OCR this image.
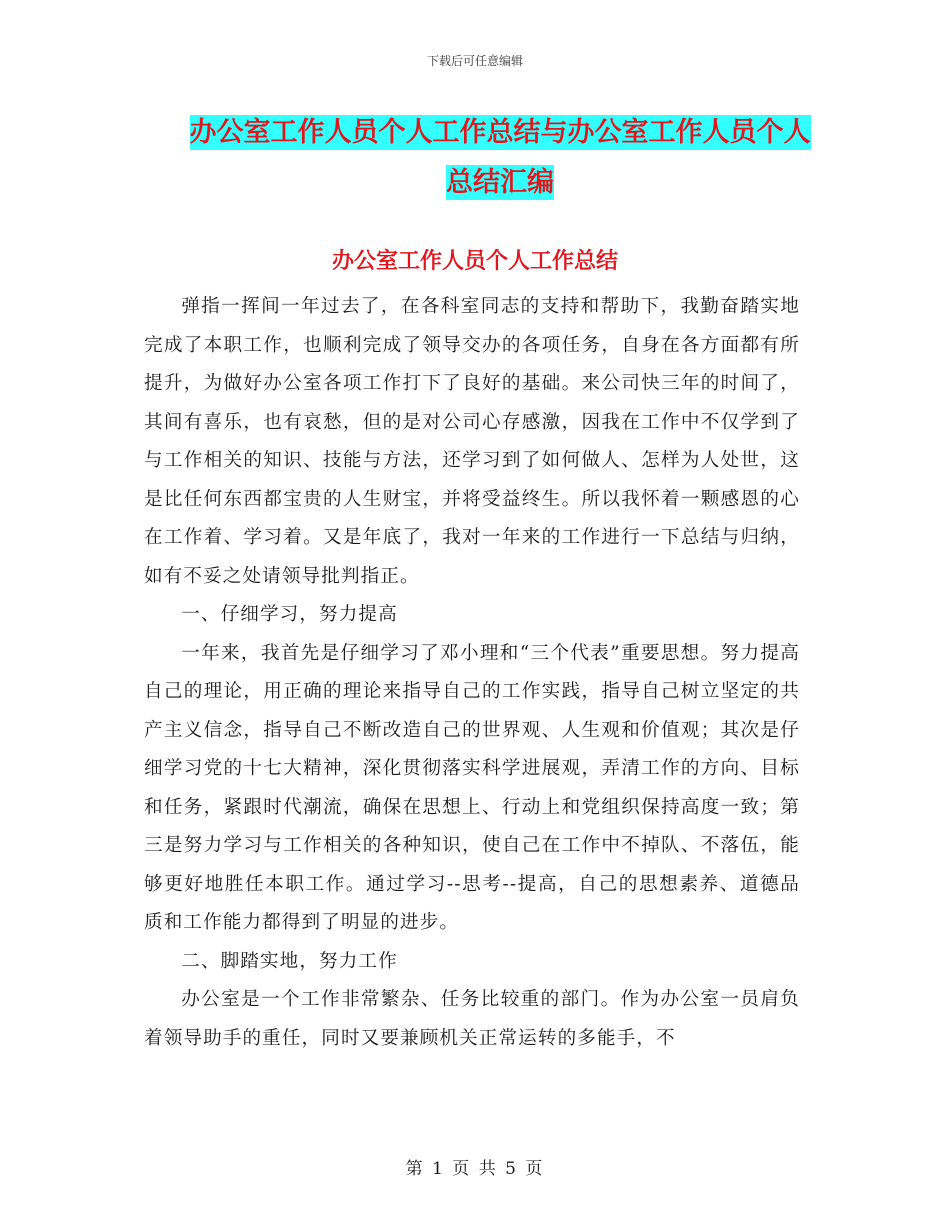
下载后可任意编辑
办公室工作人员个人工作总结与办公室工作人员个人
总结汇编
办公室工作人员个人工作总结

弹指一挥间一年过去了，在各科室同志的支持和帮助下，我勤奋踏实地完成了本职工作，也顺利完成了领导交办的各项任务，自身在各方面都有所提升，为做好办公室各项工作打下了良好的基础。来公司快三年的时间了，其间有喜乐，也有哀愁，但的是对公司心存感激，因我在工作中不仅学到了与工作相关的知识、技能与方法，还学习到了如何做人、怎样为人处世，这是比任何东西都宝贵的人生财宝，并将受益终生。所以我怀着一颗感恩的心在工作着、学习着。又是年底了，我对一年来的工作进行一下总结与归纳，如有不妥之处请领导批判指正。

一、仔细学习，努力提高

一年来，我首先是仔细学习了邓小理和“三个代表”重要思想。努力提高自己的理论，用正确的理论来指导自己的工作实践，指导自己树立坚定的共产主义信念，指导自己不断改造自己的世界观、人生观和价值观；其次是仔细学习党的十七大精神，深化贯彻落实科学进展观，弄清工作的方向、目标和任务，紧跟时代潮流，确保在思想上、行动上和党组织保持高度一致；第三是努力学习与工作相关的各种知识，使自己在工作中不掉队、不落伍，能够更好地胜任本职工作。通过学习--思考--提高，自己的思想素养、道德品质和工作能力都得到了明显的进步。

二、脚踏实地，努力工作

办公室是一个工作非常繁杂、任务比较重的部门。作为办公室一员肩负着领导助手的重任，同时又要兼顾机关正常运转的多能手，不

第 1 页 共 5 页
